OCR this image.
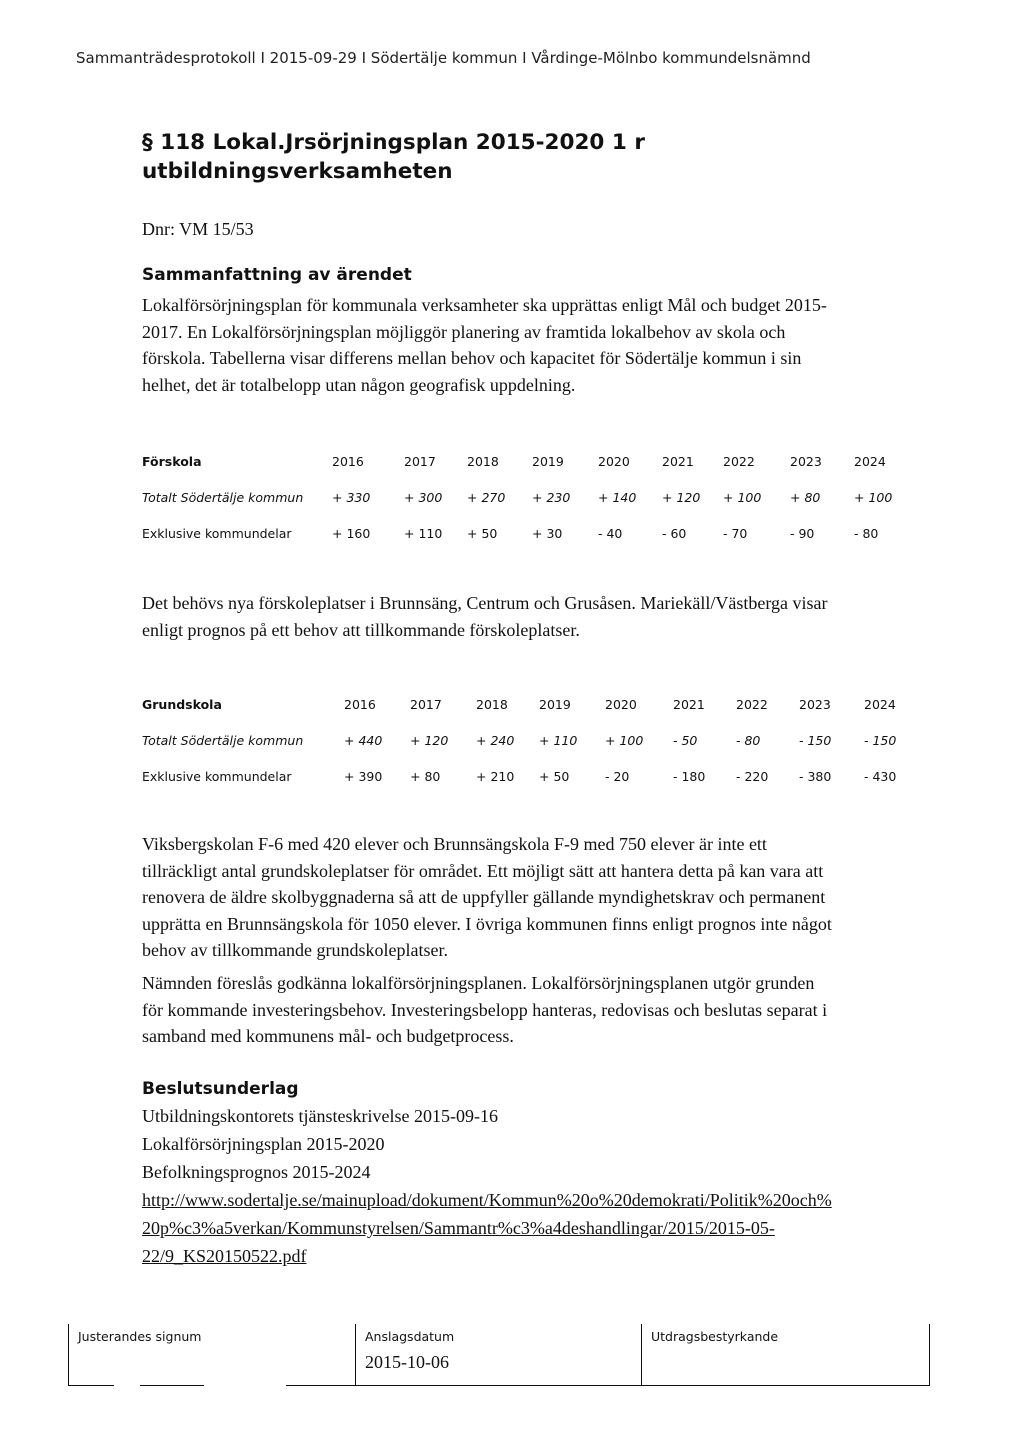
Sammanträdesprotokoll I 2015-09-29 I Södertälje kommun I Vårdinge-Mölnbo kommundelsnämnd
§ 118 Lokal.Jrsörjningsplan 2015-2020 1 r
utbildningsverksamheten
Dnr: VM 15/53
Sammanfattning av ärendet
Lokalförsörjningsplan för kommunala verksamheter ska upprättas enligt Mål och budget 2015-
2017. En Lokalförsörjningsplan möjliggör planering av framtida lokalbehov av skola och
förskola. Tabellerna visar differens mellan behov och kapacitet för Södertälje kommun i sin
helhet, det är totalbelopp utan någon geografisk uppdelning.
Förskola	2016	2017	2018	2019	2020	2021	2022	2023	2024
Totalt Södertälje kommun	+ 330	+ 300	+ 270	+ 230	+ 140	+ 120	+ 100	+ 80	+ 100
Exklusive kommundelar	+ 160	+ 110	+ 50	+ 30	- 40	- 60	- 70	- 90	- 80
Det behövs nya förskoleplatser i Brunnsäng, Centrum och Grusåsen. Mariekäll/Västberga visar
enligt prognos på ett behov att tillkommande förskoleplatser.
Grundskola	2016	2017	2018	2019	2020	2021	2022	2023	2024
Totalt Södertälje kommun	+ 440	+ 120	+ 240	+ 110	+ 100	- 50	- 80	- 150	- 150
Exklusive kommundelar	+ 390	+ 80	+ 210	+ 50	- 20	- 180	- 220	- 380	- 430
Viksbergskolan F-6 med 420 elever och Brunnsängskola F-9 med 750 elever är inte ett
tillräckligt antal grundskoleplatser för området. Ett möjligt sätt att hantera detta på kan vara att
renovera de äldre skolbyggnaderna så att de uppfyller gällande myndighetskrav och permanent
upprätta en Brunnsängskola för 1050 elever. I övriga kommunen finns enligt prognos inte något
behov av tillkommande grundskoleplatser.
Nämnden föreslås godkänna lokalförsörjningsplanen. Lokalförsörjningsplanen utgör grunden
för kommande investeringsbehov. Investeringsbelopp hanteras, redovisas och beslutas separat i
samband med kommunens mål- och budgetprocess.
Beslutsunderlag
Utbildningskontorets tjänsteskrivelse 2015-09-16
Lokalförsörjningsplan 2015-2020
Befolkningsprognos 2015-2024
http://www.sodertalje.se/mainupload/dokument/Kommun%20o%20demokrati/Politik%20och%
20p%c3%a5verkan/Kommunstyrelsen/Sammantr%c3%a4deshandlingar/2015/2015-05-
22/9_KS20150522.pdf
Justerandes signum	Anslagsdatum
2015-10-06
Utdragsbestyrkande
